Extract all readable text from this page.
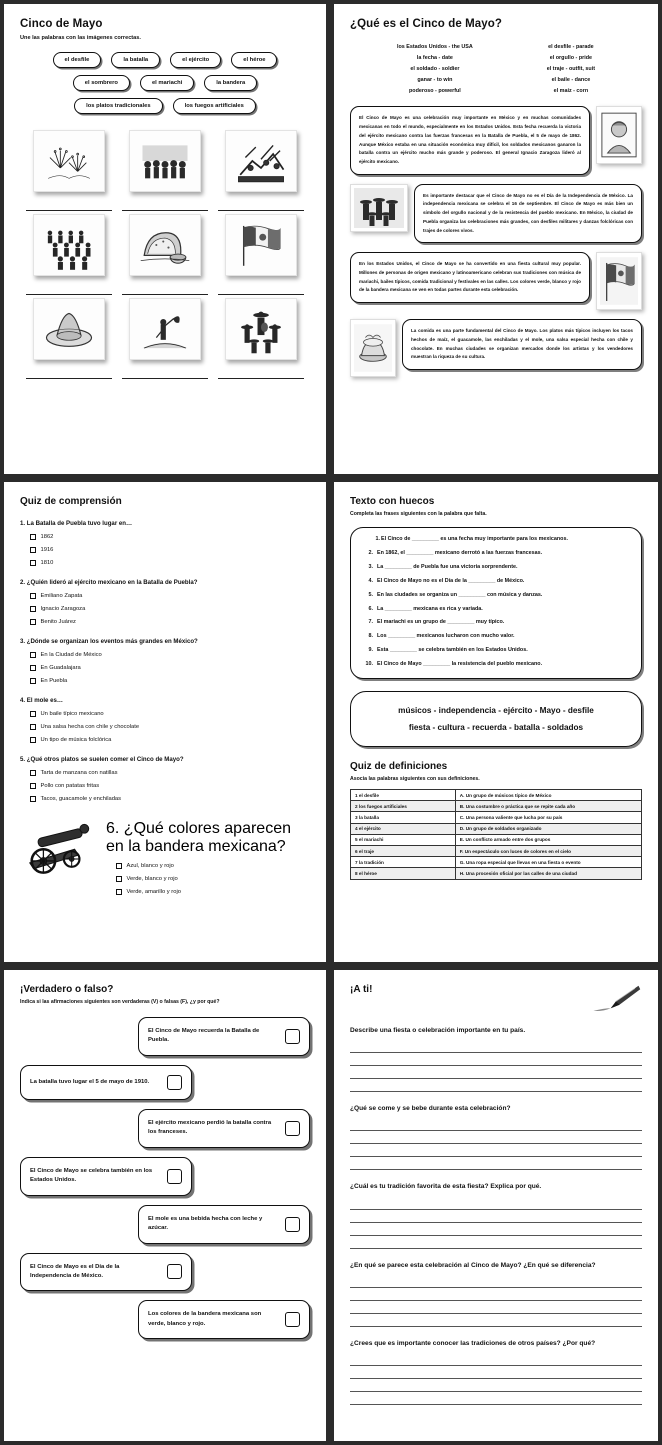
Cinco de Mayo
Une las palabras con las imágenes correctas.
el desfile	la batalla	el ejército	el héroe
el sombrero	el mariachi	la bandera
los platos tradicionales	los fuegos artificiales
¿Qué es el Cinco de Mayo?
los Estados Unidos - the USA
la fecha - date
el soldado - soldier
ganar - to win
poderoso - powerful
el desfile - parade
el orgullo - pride
el traje - outfit, suit
el baile - dance
el maíz - corn

El Cinco de Mayo es una celebración muy importante en México y en muchas comunidades mexicanas en todo el mundo, especialmente en los Estados Unidos. Esta fecha recuerda la victoria del ejército mexicano contra las fuerzas francesas en la Batalla de Puebla, el 5 de mayo de 1862. Aunque México estaba en una situación económica muy difícil, los soldados mexicanos ganaron la batalla contra un ejército mucho más grande y poderoso. El general Ignacio Zaragoza lideró al ejército mexicano.

Es importante destacar que el Cinco de Mayo no es el Día de la Independencia de México. La independencia mexicana se celebra el 16 de septiembre. El Cinco de Mayo es más bien un símbolo del orgullo nacional y de la resistencia del pueblo mexicano. En México, la ciudad de Puebla organiza las celebraciones más grandes, con desfiles militares y danzas folclóricas con trajes de colores vivos.

En los Estados Unidos, el Cinco de Mayo se ha convertido en una fiesta cultural muy popular. Millones de personas de origen mexicano y latinoamericano celebran sus tradiciones con música de mariachi, bailes típicos, comida tradicional y festivales en las calles. Los colores verde, blanco y rojo de la bandera mexicana se ven en todas partes durante esta celebración.

La comida es una parte fundamental del Cinco de Mayo. Los platos más típicos incluyen los tacos hechos de maíz, el guacamole, las enchiladas y el mole, una salsa especial hecha con chile y chocolate. En muchas ciudades se organizan mercados donde los artistas y los vendedores muestran la riqueza de su cultura.

Quiz de comprensión
1. La Batalla de Puebla tuvo lugar en…
1862
1916
1810
2. ¿Quién lideró al ejército mexicano en la Batalla de Puebla?
Emiliano Zapata
Ignacio Zaragoza
Benito Juárez
3. ¿Dónde se organizan los eventos más grandes en México?
En la Ciudad de México
En Guadalajara
En Puebla
4. El mole es…
Un baile típico mexicano
Una salsa hecha con chile y chocolate
Un tipo de música folclórica
5. ¿Qué otros platos se suelen comer el Cinco de Mayo?
Tarta de manzana con natillas
Pollo con patatas fritas
Tacos, guacamole y enchiladas
6. ¿Qué colores aparecen en la bandera mexicana?
Azul, blanco y rojo
Verde, blanco y rojo
Verde, amarillo y rojo
Texto con huecos
Completa las frases siguientes con la palabra que falta.
1. El Cinco de _________ es una fecha muy importante para los mexicanos.
2. En 1862, el _________ mexicano derrotó a las fuerzas francesas.
3. La _________ de Puebla fue una victoria sorprendente.
4. El Cinco de Mayo no es el Día de la _________ de México.
5. En las ciudades se organiza un _________ con música y danzas.
6. La _________ mexicana es rica y variada.
7. El mariachi es un grupo de _________ muy típico.
8. Los _________ mexicanos lucharon con mucho valor.
9. Esta _________ se celebra también en los Estados Unidos.
10. El Cinco de Mayo _________ la resistencia del pueblo mexicano.
músicos - independencia - ejército - Mayo - desfile
fiesta - cultura - recuerda - batalla - soldados
Quiz de definiciones
Asocia las palabras siguientes con sus definiciones.
1 el desfile	A. Un grupo de músicos típico de México
2 los fuegos artificiales	B. Una costumbre o práctica que se repite cada año
3 la batalla	C. Una persona valiente que lucha por su país
4 el ejército	D. Un grupo de soldados organizado
5 el mariachi	E. Un conflicto armado entre dos grupos
6 el traje	F. Un espectáculo con luces de colores en el cielo
7 la tradición	G. Una ropa especial que llevas en una fiesta o evento
8 el héroe	H. Una procesión oficial por las calles de una ciudad
¡Verdadero o falso?
Indica si las afirmaciones siguientes son verdaderas (V) o falsas (F), ¿y por qué?

El Cinco de Mayo recuerda la Batalla de Puebla.

La batalla tuvo lugar el 5 de mayo de 1910.

El ejército mexicano perdió la batalla contra los franceses.

El Cinco de Mayo se celebra también en los Estados Unidos.

El mole es una bebida hecha con leche y azúcar.

El Cinco de Mayo es el Día de la Independencia de México.

Los colores de la bandera mexicana son verde, blanco y rojo.

¡A ti!
Describe una fiesta o celebración importante en tu país.
¿Qué se come y se bebe durante esta celebración?
¿Cuál es tu tradición favorita de esta fiesta? Explica por qué.
¿En qué se parece esta celebración al Cinco de Mayo? ¿En qué se diferencia?
¿Crees que es importante conocer las tradiciones de otros países? ¿Por qué?
